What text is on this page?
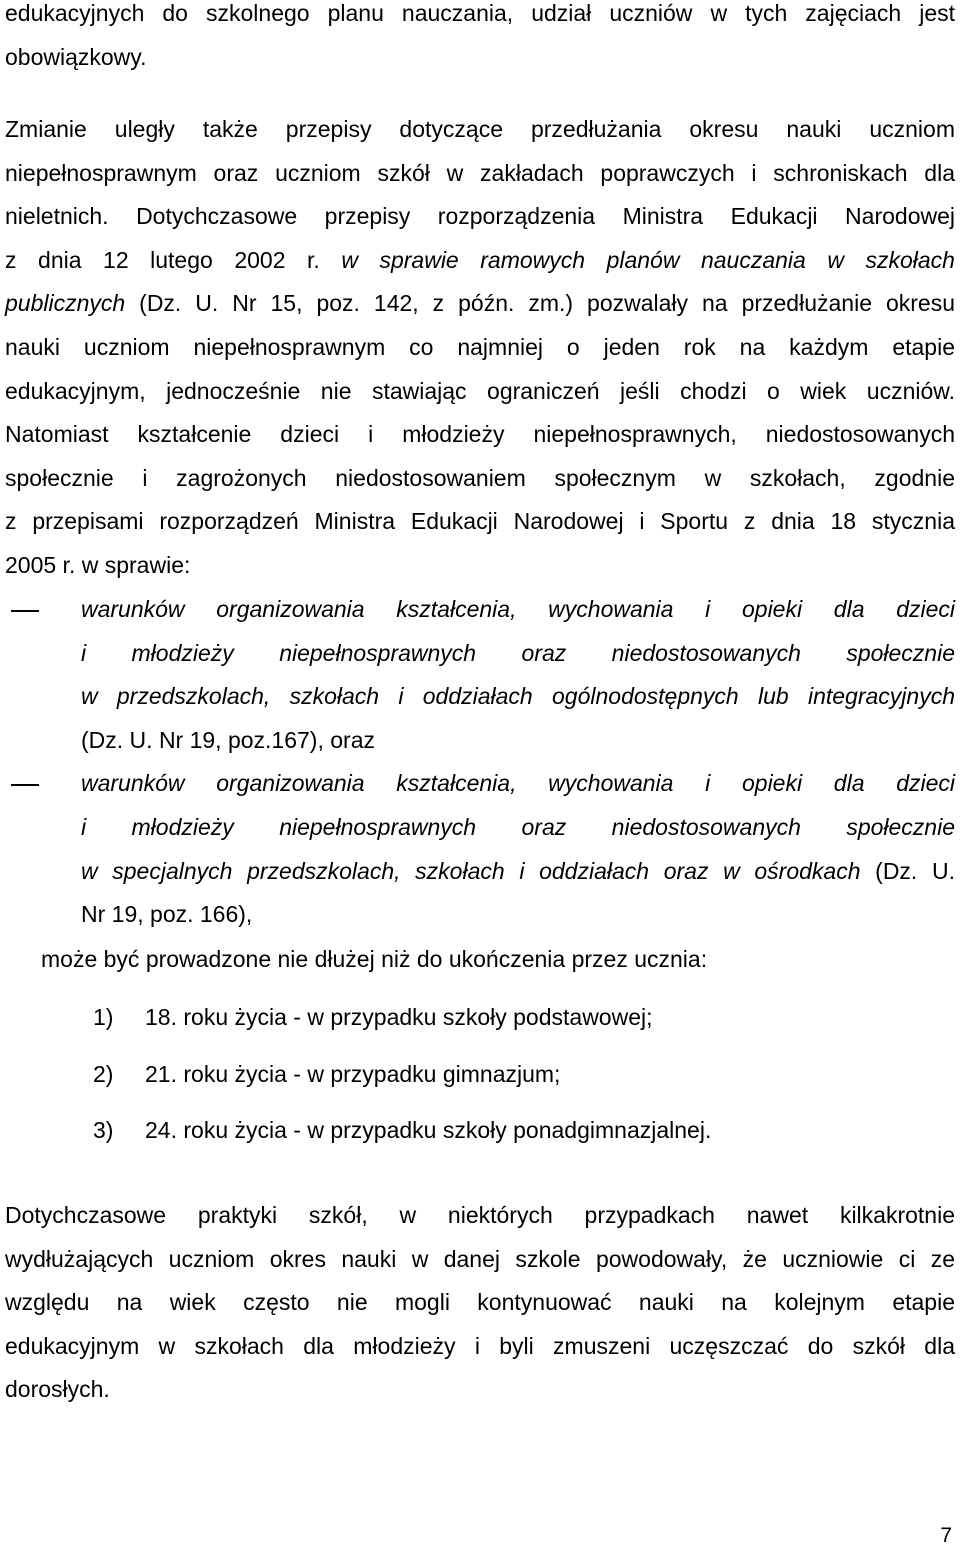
edukacyjnych do szkolnego planu nauczania, udział uczniów w tych zajęciach jest
obowiązkowy.
Zmianie uległy także przepisy dotyczące przedłużania okresu nauki uczniom
niepełnosprawnym oraz uczniom szkół w zakładach poprawczych i schroniskach dla
nieletnich. Dotychczasowe przepisy rozporządzenia Ministra Edukacji Narodowej
z dnia 12 lutego 2002 r. w sprawie ramowych planów nauczania w szkołach
publicznych (Dz. U. Nr 15, poz. 142, z późn. zm.) pozwalały na przedłużanie okresu
nauki uczniom niepełnosprawnym co najmniej o jeden rok na każdym etapie
edukacyjnym, jednocześnie nie stawiając ograniczeń jeśli chodzi o wiek uczniów.
Natomiast kształcenie dzieci i młodzieży niepełnosprawnych, niedostosowanych
społecznie i zagrożonych niedostosowaniem społecznym w szkołach, zgodnie
z przepisami rozporządzeń Ministra Edukacji Narodowej i Sportu z dnia 18 stycznia
2005 r. w sprawie:
warunków organizowania kształcenia, wychowania i opieki dla dzieci
i młodzieży niepełnosprawnych oraz niedostosowanych społecznie
w przedszkolach, szkołach i oddziałach ogólnodostępnych lub integracyjnych
(Dz. U. Nr 19, poz.167), oraz
warunków organizowania kształcenia, wychowania i opieki dla dzieci
i młodzieży niepełnosprawnych oraz niedostosowanych społecznie
w specjalnych przedszkolach, szkołach i oddziałach oraz w ośrodkach (Dz. U.
Nr 19, poz. 166),
może być prowadzone nie dłużej niż do ukończenia przez ucznia:
1) 18. roku życia - w przypadku szkoły podstawowej;
2) 21. roku życia - w przypadku gimnazjum;
3) 24. roku życia - w przypadku szkoły ponadgimnazjalnej.
Dotychczasowe praktyki szkół, w niektórych przypadkach nawet kilkakrotnie
wydłużających uczniom okres nauki w danej szkole powodowały, że uczniowie ci ze
względu na wiek często nie mogli kontynuować nauki na kolejnym etapie
edukacyjnym w szkołach dla młodzieży i byli zmuszeni uczęszczać do szkół dla
dorosłych.
7
